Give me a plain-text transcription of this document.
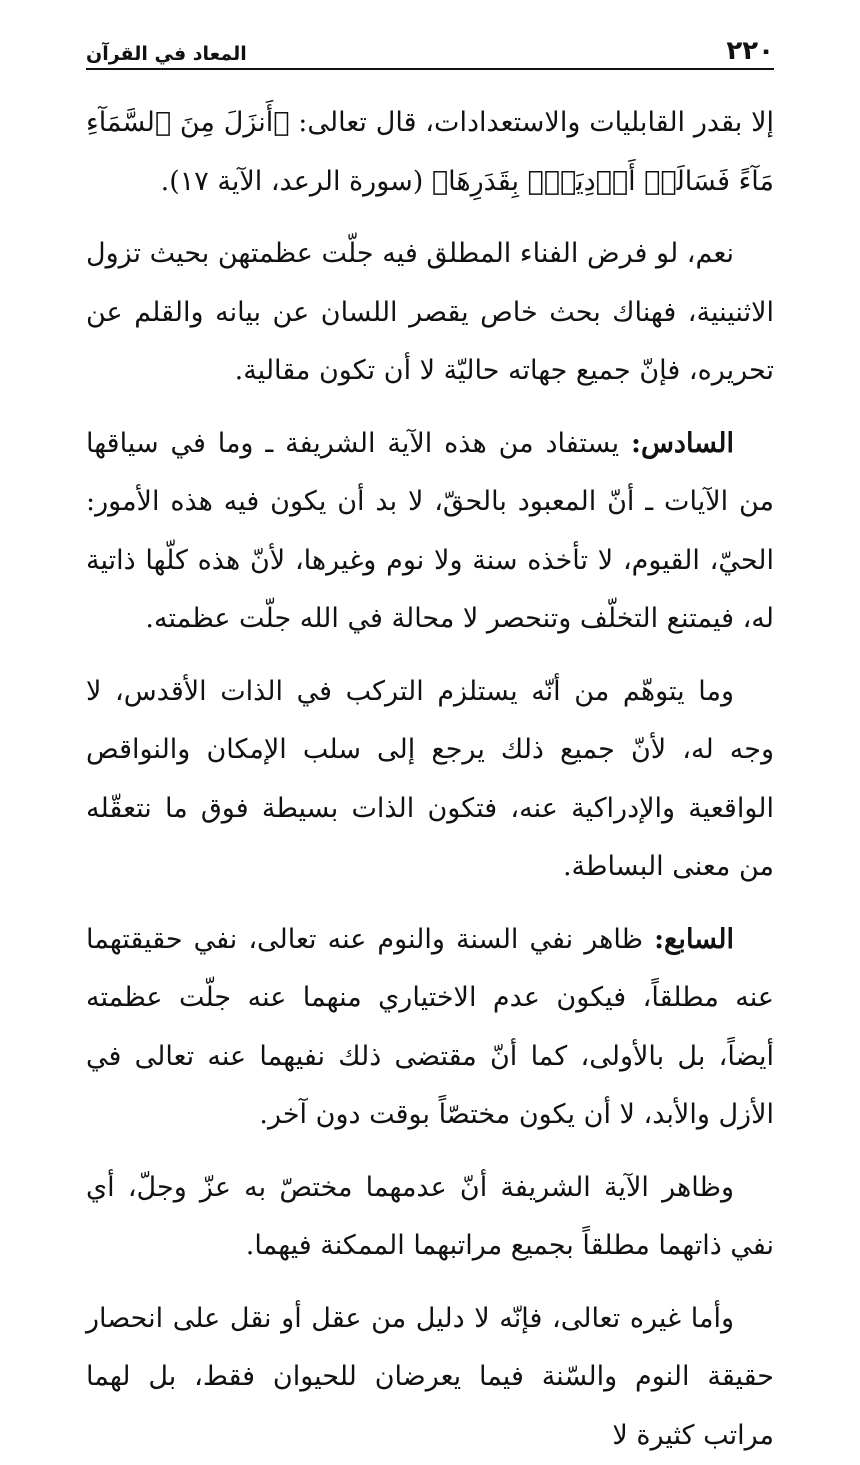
٢٢٠
المعاد في القرآن

إلا بقدر القابليات والاستعدادات، قال تعالى: ﴿أَنزَلَ مِنَ ٱلسَّمَآءِ مَآءً فَسَالَتۡ أَوۡدِيَةُۢ بِقَدَرِهَا﴾ (سورة الرعد، الآية ١٧).

نعم، لو فرض الفناء المطلق فيه جلّت عظمتهن بحيث تزول الاثنينية، فهناك بحث خاص يقصر اللسان عن بيانه والقلم عن تحريره، فإنّ جميع جهاته حاليّة لا أن تكون مقالية.

السادس: يستفاد من هذه الآية الشريفة ـ وما في سياقها من الآيات ـ أنّ المعبود بالحقّ، لا بد أن يكون فيه هذه الأمور: الحيّ، القيوم، لا تأخذه سنة ولا نوم وغيرها، لأنّ هذه كلّها ذاتية له، فيمتنع التخلّف وتنحصر لا محالة في الله جلّت عظمته.

وما يتوهّم من أنّه يستلزم التركب في الذات الأقدس، لا وجه له، لأنّ جميع ذلك يرجع إلى سلب الإمكان والنواقص الواقعية والإدراكية عنه، فتكون الذات بسيطة فوق ما نتعقّله من معنى البساطة.

السابع: ظاهر نفي السنة والنوم عنه تعالى، نفي حقيقتهما عنه مطلقاً، فيكون عدم الاختياري منهما عنه جلّت عظمته أيضاً، بل بالأولى، كما أنّ مقتضى ذلك نفيهما عنه تعالى في الأزل والأبد، لا أن يكون مختصّاً بوقت دون آخر.

وظاهر الآية الشريفة أنّ عدمهما مختصّ به عزّ وجلّ، أي نفي ذاتهما مطلقاً بجميع مراتبهما الممكنة فيهما.

وأما غيره تعالى، فإنّه لا دليل من عقل أو نقل على انحصار حقيقة النوم والسّنة فيما يعرضان للحيوان فقط، بل لهما مراتب كثيرة لا
